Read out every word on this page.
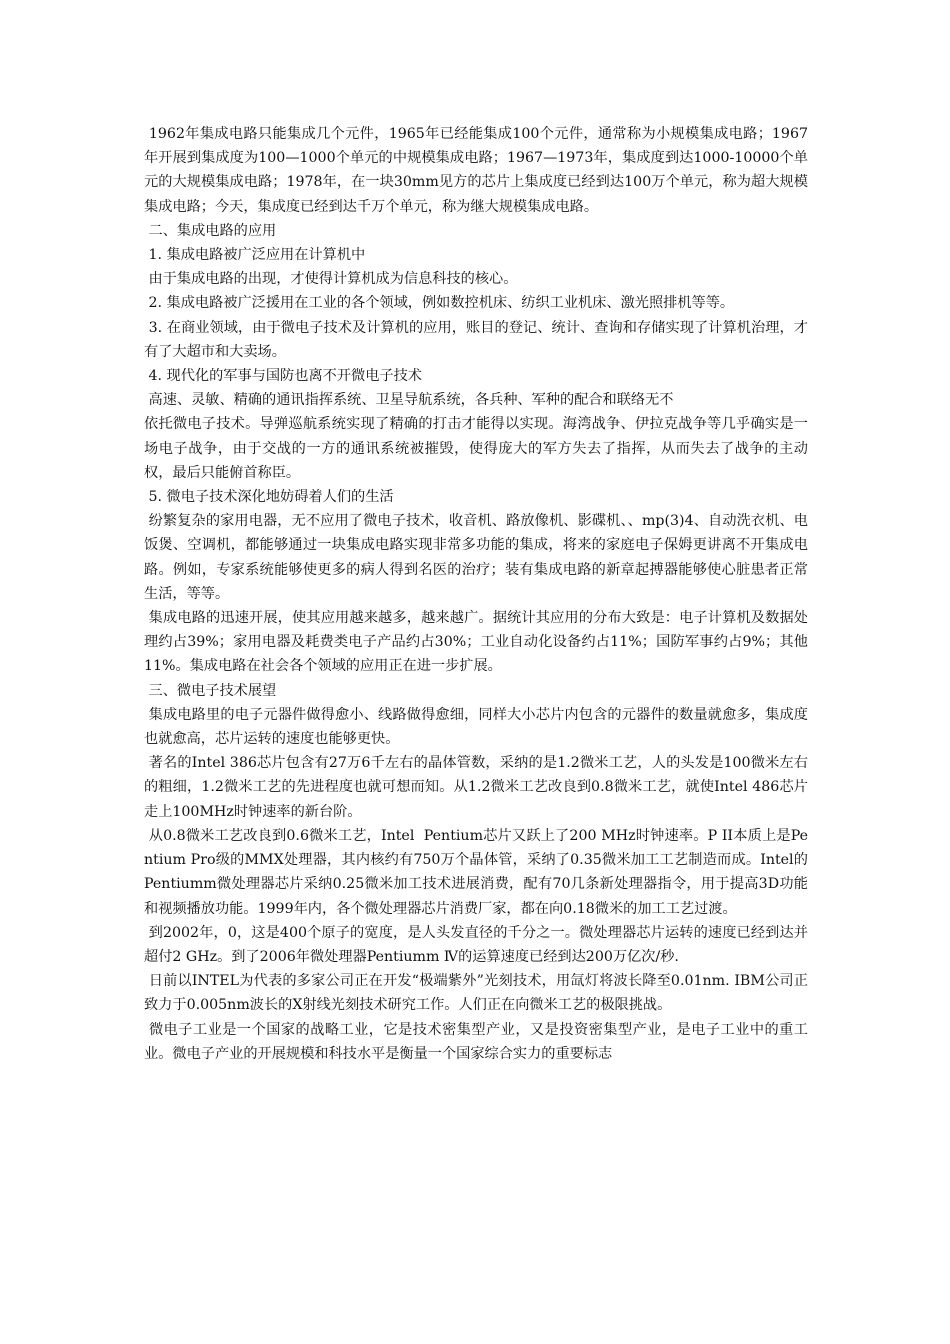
1962年集成电路只能集成几个元件，1965年已经能集成100个元件，通常称为小规模集成电路；1967年开展到集成度为100—1000个单元的中规模集成电路；1967—1973年，集成度到达1000-10000个单元的大规模集成电路；1978年，在一块30mm见方的芯片上集成度已经到达100万个单元，称为超大规模集成电路；今天，集成度已经到达千万个单元，称为继大规模集成电路。

二、集成电路的应用

1. 集成电路被广泛应用在计算机中

由于集成电路的出现，才使得计算机成为信息科技的核心。

2. 集成电路被广泛援用在工业的各个领域，例如数控机床、纺织工业机床、激光照排机等等。

3. 在商业领域，由于微电子技术及计算机的应用，账目的登记、统计、查询和存储实现了计算机治理，才有了大超市和大卖场。

4. 现代化的军事与国防也离不开微电子技术

高速、灵敏、精确的通讯指挥系统、卫星导航系统，各兵种、军种的配合和联络无不

依托微电子技术。导弹巡航系统实现了精确的打击才能得以实现。海湾战争、伊拉克战争等几乎确实是一场电子战争，由于交战的一方的通讯系统被摧毁，使得庞大的军方失去了指挥，从而失去了战争的主动权，最后只能俯首称臣。

5. 微电子技术深化地妨碍着人们的生活

纷繁复杂的家用电器，无不应用了微电子技术，收音机、路放像机、影碟机、、mp(3)4、自动洗衣机、电饭煲、空调机，都能够通过一块集成电路实现非常多功能的集成，将来的家庭电子保姆更讲离不开集成电路。例如，专家系统能够使更多的病人得到名医的治疗；装有集成电路的新章起搏器能够使心脏患者正常生活，等等。

集成电路的迅速开展，使其应用越来越多，越来越广。据统计其应用的分布大致是：电子计算机及数据处理约占39%；家用电器及耗费类电子产品约占30%；工业自动化设备约占11%；国防军事约占9%；其他11%。集成电路在社会各个领域的应用正在进一步扩展。

三、微电子技术展望

集成电路里的电子元器件做得愈小、线路做得愈细，同样大小芯片内包含的元器件的数量就愈多，集成度也就愈高，芯片运转的速度也能够更快。

著名的Intel 386芯片包含有27万6千左右的晶体管数，采纳的是1.2微米工艺，人的头发是100微米左右的粗细，1.2微米工艺的先进程度也就可想而知。从1.2微米工艺改良到0.8微米工艺，就使Intel 486芯片走上100MHz时钟速率的新台阶。

从0.8微米工艺改良到0.6微米工艺，Intel  Pentium芯片又跃上了200 MHz时钟速率。P II本质上是Pentium Pro级的MMX处理器，其内核约有750万个晶体管，采纳了0.35微米加工工艺制造而成。Intel的Pentiumm微处理器芯片采纳0.25微米加工技术进展消费，配有70几条新处理器指令，用于提高3D功能和视频播放功能。1999年内，各个微处理器芯片消费厂家，都在向0.18微米的加工工艺过渡。

到2002年，0，这是400个原子的宽度，是人头发直径的千分之一。微处理器芯片运转的速度已经到达并超付2 GHz。到了2006年微处理器Pentiumm Ⅳ的运算速度已经到达200万亿次/秒.

日前以INTEL为代表的多家公司正在开发“极端紫外”光刻技术，用氙灯将波长降至0.01nm. IBM公司正致力于0.005nm波长的X射线光刻技术研究工作。人们正在向微米工艺的极限挑战。

微电子工业是一个国家的战略工业，它是技术密集型产业，又是投资密集型产业，是电子工业中的重工业。微电子产业的开展规模和科技水平是衡量一个国家综合实力的重要标志
